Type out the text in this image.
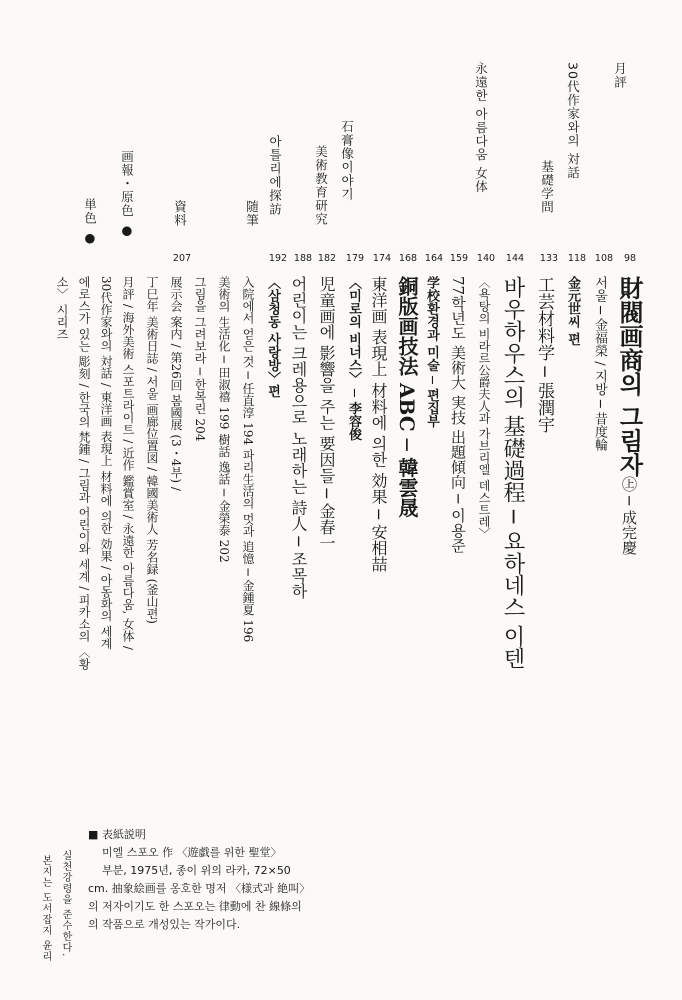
月評
30代作家와의 対話
基礎学問
永遠한 아름다움 女体
石膏像이야기
美術教育研究
아틀리에探訪
随筆
資料
画報・原色 ●
単色 ●
98
108
118
133
144
140
159
164
168
174
179
182
188
192
207
財閥画商의 그림자㊤ ─ 成完慶
서울 ─ 金福榮 / 지방 ─ 昔度輪
金元世씨 편
工芸材料学 ─ 張潤宇
바우하우스의 基礎過程 ─ 요하네스 이텐
〈욕탕의 비라르公爵夫人과 가브리엘 데스트레〉
77학년도 美術大 実技 出題傾向 ─ 이용준
学校환경과 미술 ─ 편집부
銅版画技法 ABC ─ 韓雲晟
東洋画 表現上 材料에 의한 効果 ─ 安相喆
〈미로의 비너스〉 ─ 李容俊
児童画에 影響을 주는 要因들 ─ 金春一
어린이는 크레용으로 노래하는 詩人 ─ 조목하
〈삼청동 사랑방〉편
入院에서 얻은 것 ─ 任直淳 194 파리生活의 멋과 追憶 ─ 金鍾夏 196
美術의 生活化 ─ 田淑禧 199 樹話 逸話 ─ 金榮泰 202
그림을 그려보라 ─ 한복린 204
展示会 案内 / 第26回 봄國展 (3・4부) /
丁巳年 美術日誌 / 서울 画廊位置図 / 韓國美術人 芳名録 (釜山편)
月評 / 海外美術 스포트라이트 / 近作 鑑賞室 / 永遠한 아름다움, 女体 /
30代作家와의 対話 / 東洋画 表現上 材料에 의한 効果 / 아동화의 세계
에로스가 있는 彫刻 / 한국의 梵鍾 / 그림과 어린이와 세계 / 피카소의 〈황
소〉 시리즈
■ 表紙説明
미엘 스포오 作 〈遊戯를 위한 聖堂〉
부분, 1975년, 종이 위의 라카, 72×50
cm. 抽象絵画를 옹호한 명저 〈様式과 絶叫〉
의 저자이기도 한 스포오는 律動에 찬 線條의
의 작품으로 개성있는 작가이다.
실천강령을 준수한다.
본지는 도서잡지 윤리
